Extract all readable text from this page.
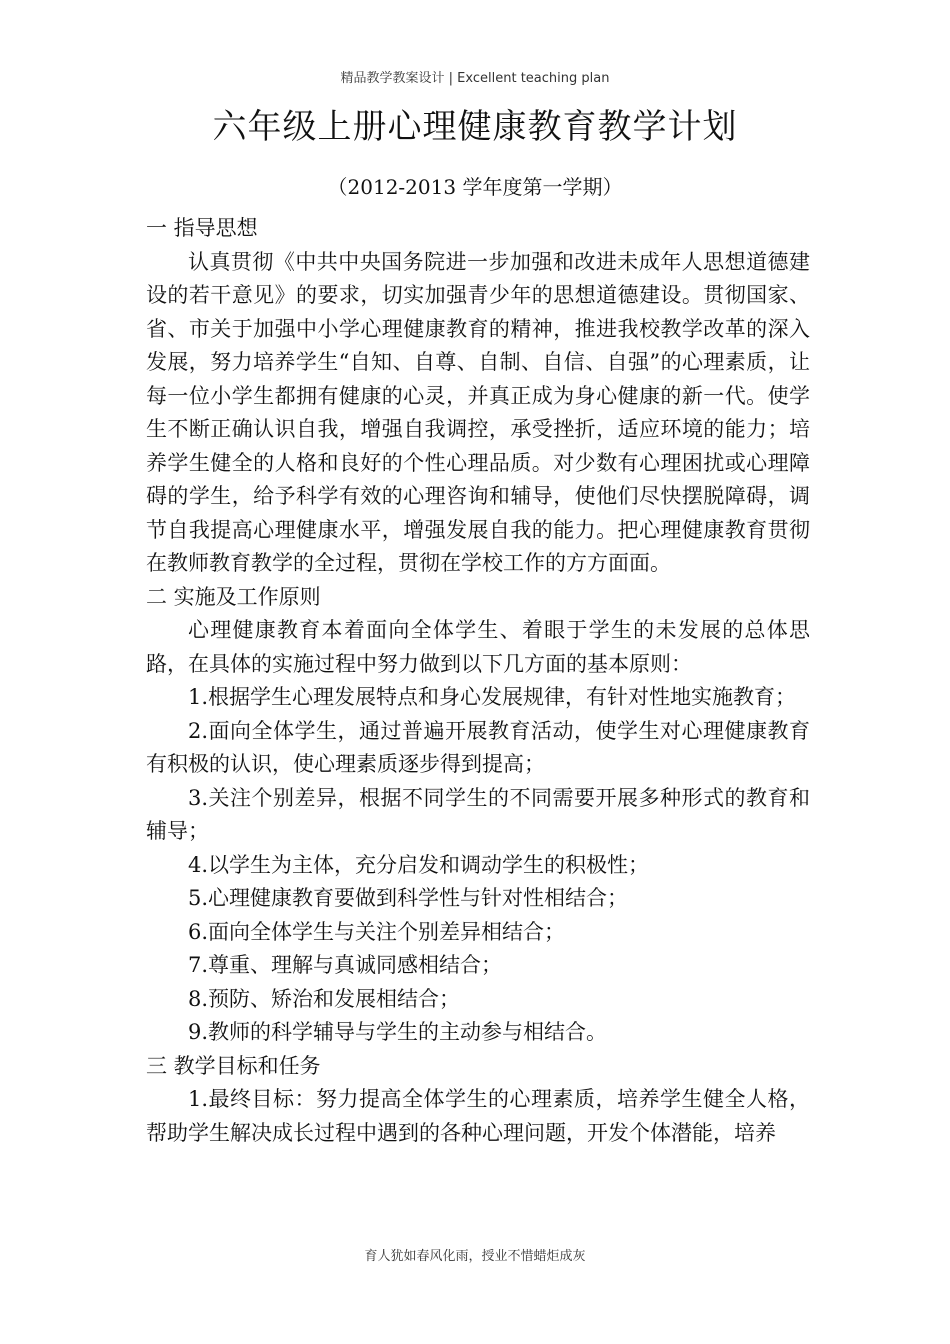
精品教学教案设计 | Excellent teaching plan
六年级上册心理健康教育教学计划
（2012-2013 学年度第一学期）

一 指导思想

认真贯彻《中共中央国务院进一步加强和改进未成年人思想道德建设的若干意见》的要求，切实加强青少年的思想道德建设。贯彻国家、省、市关于加强中小学心理健康教育的精神，推进我校教学改革的深入发展，努力培养学生“自知、自尊、自制、自信、自强”的心理素质，让每一位小学生都拥有健康的心灵，并真正成为身心健康的新一代。使学生不断正确认识自我，增强自我调控，承受挫折，适应环境的能力；培养学生健全的人格和良好的个性心理品质。对少数有心理困扰或心理障碍的学生，给予科学有效的心理咨询和辅导，使他们尽快摆脱障碍，调节自我提高心理健康水平，增强发展自我的能力。把心理健康教育贯彻在教师教育教学的全过程，贯彻在学校工作的方方面面。

二 实施及工作原则

心理健康教育本着面向全体学生、着眼于学生的未发展的总体思路，在具体的实施过程中努力做到以下几方面的基本原则：

1.根据学生心理发展特点和身心发展规律，有针对性地实施教育；

2.面向全体学生，通过普遍开展教育活动，使学生对心理健康教育有积极的认识，使心理素质逐步得到提高；

3.关注个别差异，根据不同学生的不同需要开展多种形式的教育和辅导；

4.以学生为主体，充分启发和调动学生的积极性；

5.心理健康教育要做到科学性与针对性相结合；

6.面向全体学生与关注个别差异相结合；

7.尊重、理解与真诚同感相结合；

8.预防、矫治和发展相结合；

9.教师的科学辅导与学生的主动参与相结合。

三 教学目标和任务

1.最终目标：努力提高全体学生的心理素质，培养学生健全人格，帮助学生解决成长过程中遇到的各种心理问题，开发个体潜能，培养

育人犹如春风化雨，授业不惜蜡炬成灰
